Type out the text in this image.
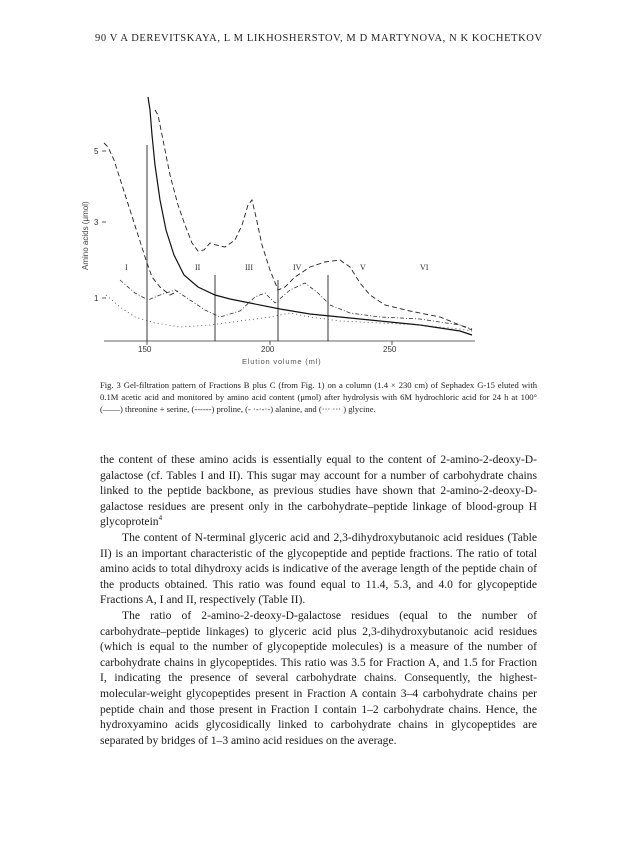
90 V A DEREVITSKAYA, L M LIKHOSHERSTOV, M D MARTYNOVA, N K KOCHETKOV
Amino acids (μmol)
5
3
1
150	200	250
Elution volume (ml)
I	II	III	IV	V	VI
Fig. 3 Gel-filtration pattern of Fractions B plus C (from Fig. 1) on a column (1.4 × 230 cm) of Sephadex G-15 eluted with 0.1M acetic acid and monitored by amino acid content (μmol) after hydrolysis with 6M hydrochloric acid for 24 h at 100° (——) threonine + serine, (------) proline, (- ·-·-·-) alanine, and (··· ··· ) glycine.

the content of these amino acids is essentially equal to the content of 2-amino-2-deoxy-D-galactose (cf. Tables I and II). This sugar may account for a number of carbohydrate chains linked to the peptide backbone, as previous studies have shown that 2-amino-2-deoxy-D-galactose residues are present only in the carbohydrate–peptide linkage of blood-group H glycoprotein$^4$

The content of N-terminal glyceric acid and 2,3-dihydroxybutanoic acid residues (Table II) is an important characteristic of the glycopeptide and peptide fractions. The ratio of total amino acids to total dihydroxy acids is indicative of the average length of the peptide chain of the products obtained. This ratio was found equal to 11.4, 5.3, and 4.0 for glycopeptide Fractions A, I and II, respectively (Table II).

The ratio of 2-amino-2-deoxy-D-galactose residues (equal to the number of carbohydrate–peptide linkages) to glyceric acid plus 2,3-dihydroxybutanoic acid residues (which is equal to the number of glycopeptide molecules) is a measure of the number of carbohydrate chains in glycopeptides. This ratio was 3.5 for Fraction A, and 1.5 for Fraction I, indicating the presence of several carbohydrate chains. Consequently, the highest-molecular-weight glycopeptides present in Fraction A contain 3–4 carbohydrate chains per peptide chain and those present in Fraction I contain 1–2 carbohydrate chains. Hence, the hydroxyamino acids glycosidically linked to carbohydrate chains in glycopeptides are separated by bridges of 1–3 amino acid residues on the average.
